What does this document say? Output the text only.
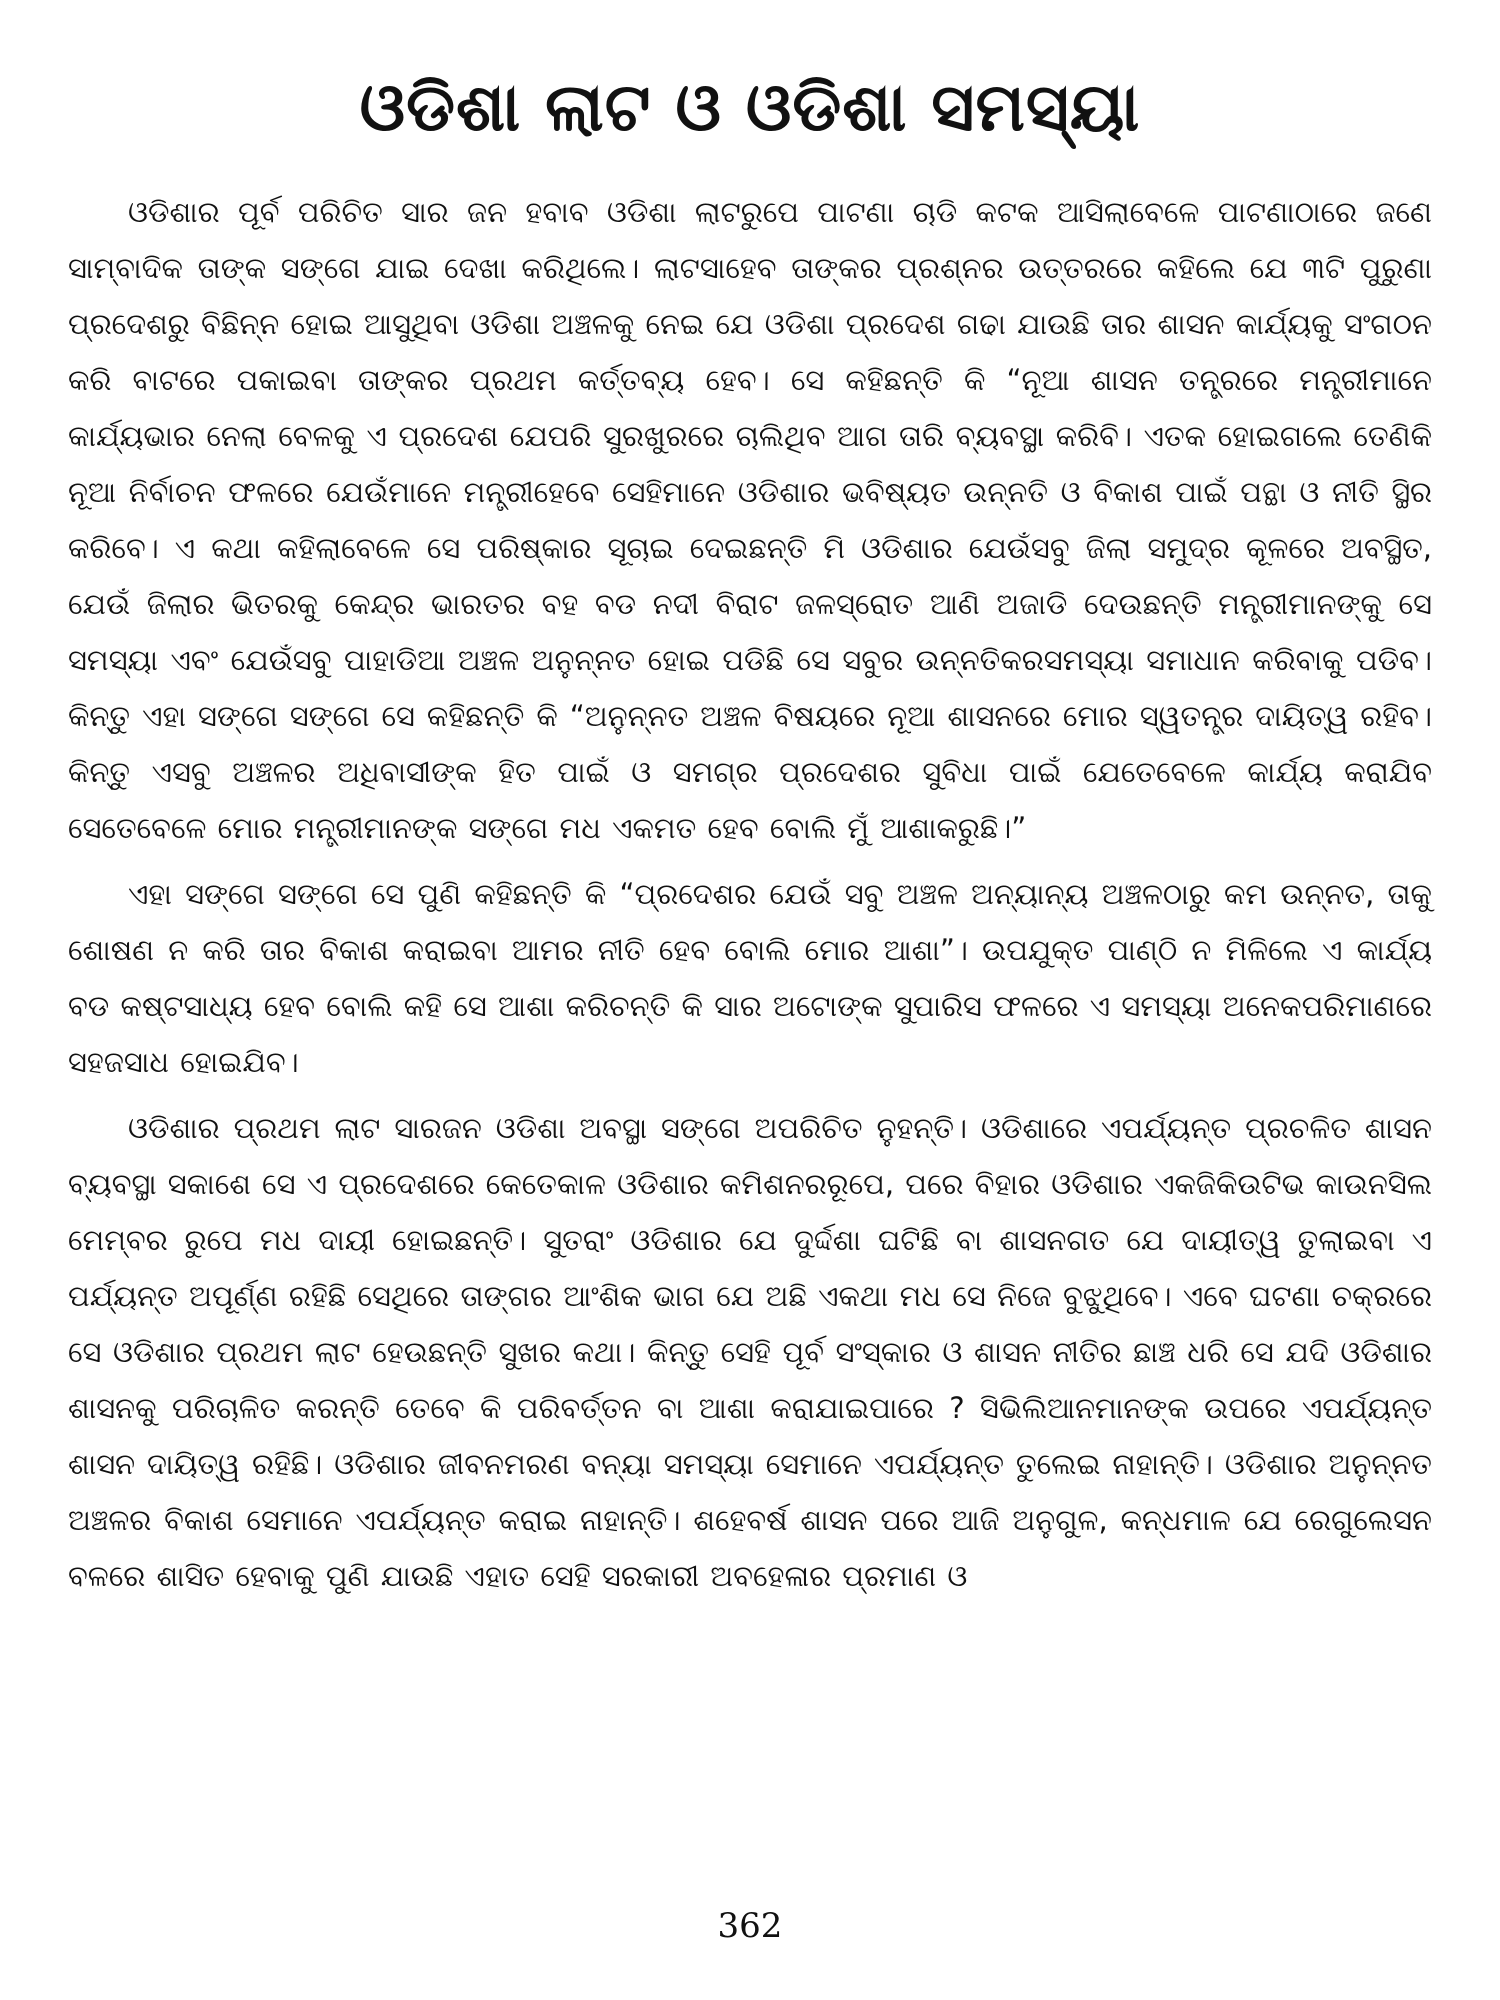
ଓଡିଶା ଲାଟ ଓ ଓଡିଶା ସମସ୍ୟା

ଓଡିଶାର ପୂର୍ବ ପରିଚିତ ସାର ଜନ ହବାବ ଓଡିଶା ଲାଟରୁପେ ପାଟଣା ଚାଡି କଟକ ଆସିଲାବେଳେ ପାଟଣାଠାରେ ଜଣେ ସାମ୍ବାଦିକ ତାଙ୍କ ସଙ୍ଗେ ଯାଇ ଦେଖା କରିଥିଲେ। ଲାଟସାହେବ ତାଙ୍କର ପ୍ରଶ୍ନର ଉତ୍ତରରେ କହିଲେ ଯେ ୩ଟି ପୁରୁଣା ପ୍ରଦେଶରୁ ବିଛିନ୍ନ ହୋଇ ଆସୁଥିବା ଓଡିଶା ଅଞ୍ଚଳକୁ ନେଇ ଯେ ଓଡିଶା ପ୍ରଦେଶ ଗଢା ଯାଉଛି ତାର ଶାସନ କାର୍ଯ୍ୟକୁ ସଂଗଠନ କରି ବାଟରେ ପକାଇବା ତାଙ୍କର ପ୍ରଥମ କର୍ତ୍ତବ୍ୟ ହେବ। ସେ କହିଛନ୍ତି କି “ନୂଆ ଶାସନ ତନ୍ତ୍ରରେ ମନ୍ତ୍ରୀମାନେ କାର୍ଯ୍ୟଭାର ନେଲା ବେଳକୁ ଏ ପ୍ରଦେଶ ଯେପରି ସୁରଖୁରରେ ଚାଲିଥିବ ଆଗ ତାରି ବ୍ୟବସ୍ଥା କରିବି। ଏତକ ହୋଇଗଲେ ତେଣିକି ନୂଆ ନିର୍ବାଚନ ଫଳରେ ଯେଉଁମାନେ ମନ୍ତ୍ରୀହେବେ ସେହିମାନେ ଓଡିଶାର ଭବିଷ୍ୟତ ଉନ୍ନତି ଓ ବିକାଶ ପାଇଁ ପନ୍ଥା ଓ ନୀତି ସ୍ଥିର କରିବେ। ଏ କଥା କହିଲାବେଳେ ସେ ପରିଷ୍କାର ସୂଚାଇ ଦେଇଛନ୍ତି ମି ଓଡିଶାର ଯେଉଁସବୁ ଜିଲା ସମୁଦ୍ର କୂଳରେ ଅବସ୍ଥିତ, ଯେଉଁ ଜିଲାର ଭିତରକୁ କେନ୍ଦ୍ର ଭାରତର ବହ ବଡ ନଦୀ ବିରାଟ ଜଳସ୍ରୋତ ଆଣି ଅଜାଡି ଦେଉଛନ୍ତି ମନ୍ତ୍ରୀମାନଙ୍କୁ ସେ ସମସ୍ୟା ଏବଂ ଯେଉଁସବୁ ପାହାଡିଆ ଅଞ୍ଚଳ ଅନୁନ୍ନତ ହୋଇ ପଡିଛି ସେ ସବୁର ଉନ୍ନତିକରସମସ୍ୟା ସମାଧାନ କରିବାକୁ ପଡିବ। କିନ୍ତୁ ଏହା ସଙ୍ଗେ ସଙ୍ଗେ ସେ କହିଛନ୍ତି କି “ଅନୁନ୍ନତ ଅଞ୍ଚଳ ବିଷୟରେ ନୂଆ ଶାସନରେ ମୋର ସ୍ୱତନ୍ତ୍ର ଦାୟିତ୍ୱ ରହିବ। କିନ୍ତୁ ଏସବୁ ଅଞ୍ଚଳର ଅଧିବାସୀଙ୍କ ହିତ ପାଇଁ ଓ ସମଗ୍ର ପ୍ରଦେଶର ସୁବିଧା ପାଇଁ ଯେତେବେଳେ କାର୍ଯ୍ୟ କରାଯିବ ସେତେବେଳେ ମୋର ମନ୍ତ୍ରୀମାନଙ୍କ ସଙ୍ଗେ ମଧ ଏକମତ ହେବ ବୋଲି ମୁଁ ଆଶାକରୁଛି।”

ଏହା ସଙ୍ଗେ ସଙ୍ଗେ ସେ ପୁଣି କହିଛନ୍ତି କି “ପ୍ରଦେଶର ଯେଉଁ ସବୁ ଅଞ୍ଚଳ ଅନ୍ୟାନ୍ୟ ଅଞ୍ଚଳଠାରୁ କମ ଉନ୍ନତ, ତାକୁ ଶୋଷଣ ନ କରି ତାର ବିକାଶ କରାଇବା ଆମର ନୀତି ହେବ ବୋଲି ମୋର ଆଶା”। ଉପଯୁକ୍ତ ପାଣ୍ଠି ନ ମିଳିଲେ ଏ କାର୍ଯ୍ୟ ବଡ କଷ୍ଟସାଧ୍ୟ ହେବ ବୋଲି କହି ସେ ଆଶା କରିଚନ୍ତି କି ସାର ଅଟୋଙ୍କ ସୁପାରିସ ଫଳରେ ଏ ସମସ୍ୟା ଅନେକପରିମାଣରେ ସହଜସାଧ ହୋଇଯିବ।

ଓଡିଶାର ପ୍ରଥମ ଲାଟ ସାରଜନ ଓଡିଶା ଅବସ୍ଥା ସଙ୍ଗେ ଅପରିଚିତ ନୁହନ୍ତି। ଓଡିଶାରେ ଏପର୍ଯ୍ୟନ୍ତ ପ୍ରଚଳିତ ଶାସନ ବ୍ୟବସ୍ଥା ସକାଶେ ସେ ଏ ପ୍ରଦେଶରେ କେତେକାଳ ଓଡିଶାର କମିଶନରରୂପେ, ପରେ ବିହାର ଓଡିଶାର ଏକଜିକିଉଟିଭ କାଉନସିଲ ମେମ୍ବର ରୁପେ ମଧ ଦାୟୀ ହୋଇଛନ୍ତି। ସୁତରାଂ ଓଡିଶାର ଯେ ଦୁର୍ଦ୍ଦଶା ଘଟିଛି ବା ଶାସନଗତ ଯେ ଦାୟୀତ୍ୱ ତୁଲାଇବା ଏ ପର୍ଯ୍ୟନ୍ତ ଅପୂର୍ଣ୍ଣ ରହିଛି ସେଥିରେ ତାଙ୍ଗର ଆଂଶିକ ଭାଗ ଯେ ଅଛି ଏକଥା ମଧ ସେ ନିଜେ ବୁଝୁଥିବେ। ଏବେ ଘଟଣା ଚକ୍ରରେ ସେ ଓଡିଶାର ପ୍ରଥମ ଲାଟ ହେଉଛନ୍ତି ସୁଖର କଥା। କିନ୍ତୁ ସେହି ପୂର୍ବ ସଂସ୍କାର ଓ ଶାସନ ନୀତିର ଛାଞ୍ଚ ଧରି ସେ ଯଦି ଓଡିଶାର ଶାସନକୁ ପରିଚାଳିତ କରନ୍ତି ତେବେ କି ପରିବର୍ତ୍ତନ ବା ଆଶା କରାଯାଇପାରେ ? ସିଭିଲିଆନମାନଙ୍କ ଉପରେ ଏପର୍ଯ୍ୟନ୍ତ ଶାସନ ଦାୟିତ୍ୱ ରହିଛି। ଓଡିଶାର ଜୀବନମରଣ ବନ୍ୟା ସମସ୍ୟା ସେମାନେ ଏପର୍ଯ୍ୟନ୍ତ ତୁଲେଇ ନାହାନ୍ତି। ଓଡିଶାର ଅନୁନ୍ନତ ଅଞ୍ଚଳର ବିକାଶ ସେମାନେ ଏପର୍ଯ୍ୟନ୍ତ କରାଇ ନାହାନ୍ତି। ଶହେବର୍ଷ ଶାସନ ପରେ ଆଜି ଅନୁଗୁଳ, କନ୍ଧମାଳ ଯେ ରେଗୁଲେସନ ବଳରେ ଶାସିତ ହେବାକୁ ପୁଣି ଯାଉଛି ଏହାତ ସେହି ସରକାରୀ ଅବହେଳାର ପ୍ରମାଣ ଓ

362
